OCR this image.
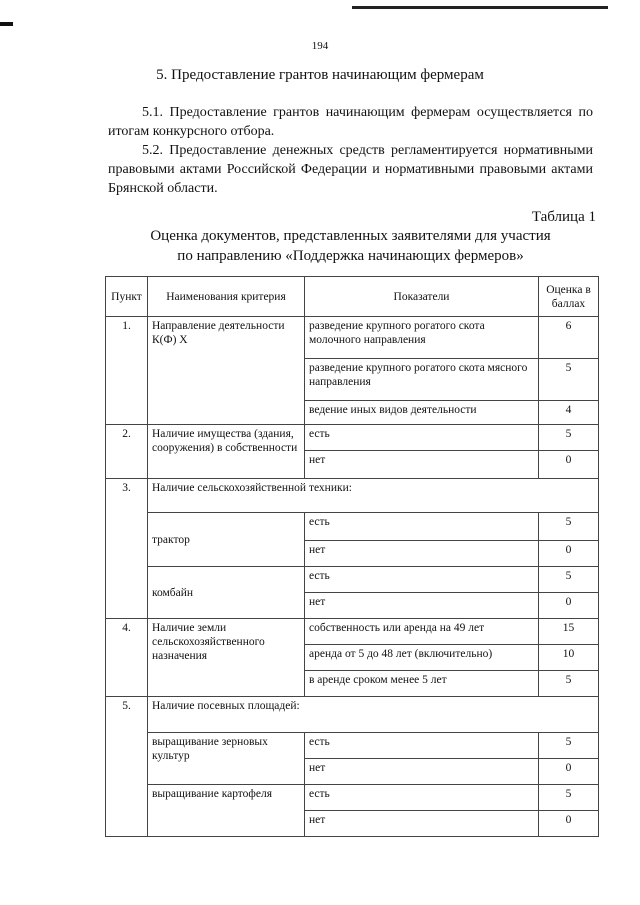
194
5. Предоставление грантов начинающим фермерам
5.1. Предоставление грантов начинающим фермерам осуществляется по итогам конкурсного отбора.
5.2. Предоставление денежных средств регламентируется нормативными правовыми актами Российской Федерации и нормативными правовыми актами Брянской области.
Таблица 1
Оценка документов, представленных заявителями для участия
по направлению «Поддержка начинающих фермеров»
Пункт	Наименования критерия	Показатели	Оценка в баллах
1.	Направление деятельности К(Ф) Х	разведение крупного рогатого скота молочного направления	6
		разведение крупного рогатого скота мясного направления	5
		ведение иных видов деятельности	4
2.	Наличие имущества (здания, сооружения) в собственности	есть	5
		нет	0
3.	Наличие сельскохозяйственной техники:		
	трактор	есть	5
		нет	0
	комбайн	есть	5
		нет	0
4.	Наличие земли сельскохозяйственного назначения	собственность или аренда на 49 лет	15
		аренда от 5 до 48 лет (включительно)	10
		в аренде сроком менее 5 лет	5
5.	Наличие посевных площадей:		
	выращивание зерновых культур	есть	5
		нет	0
	выращивание картофеля	есть	5
		нет	0
